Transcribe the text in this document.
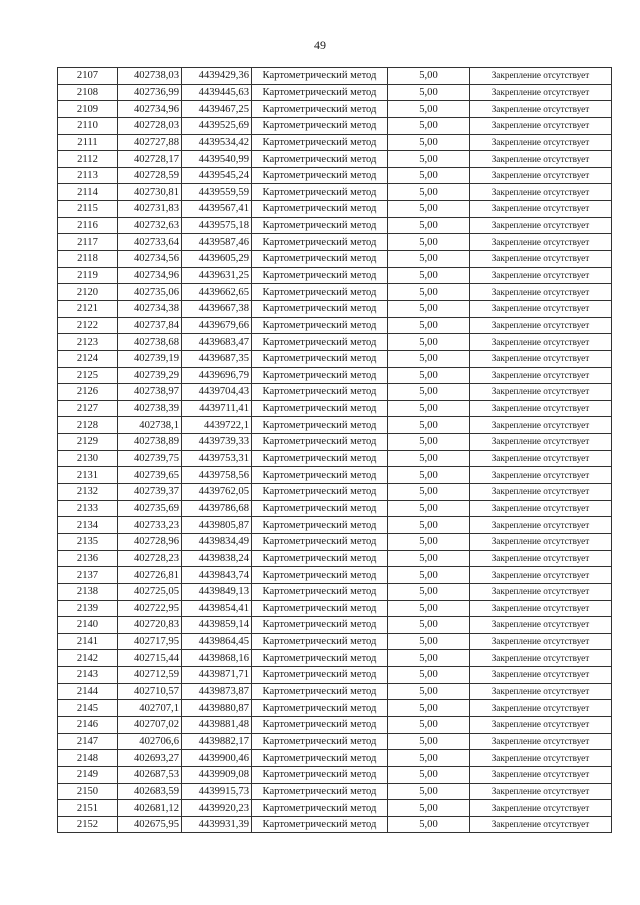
49
2107	402738,03	4439429,36	Картометрический метод	5,00	Закрепление отсутствует
2108	402736,99	4439445,63	Картометрический метод	5,00	Закрепление отсутствует
2109	402734,96	4439467,25	Картометрический метод	5,00	Закрепление отсутствует
2110	402728,03	4439525,69	Картометрический метод	5,00	Закрепление отсутствует
2111	402727,88	4439534,42	Картометрический метод	5,00	Закрепление отсутствует
2112	402728,17	4439540,99	Картометрический метод	5,00	Закрепление отсутствует
2113	402728,59	4439545,24	Картометрический метод	5,00	Закрепление отсутствует
2114	402730,81	4439559,59	Картометрический метод	5,00	Закрепление отсутствует
2115	402731,83	4439567,41	Картометрический метод	5,00	Закрепление отсутствует
2116	402732,63	4439575,18	Картометрический метод	5,00	Закрепление отсутствует
2117	402733,64	4439587,46	Картометрический метод	5,00	Закрепление отсутствует
2118	402734,56	4439605,29	Картометрический метод	5,00	Закрепление отсутствует
2119	402734,96	4439631,25	Картометрический метод	5,00	Закрепление отсутствует
2120	402735,06	4439662,65	Картометрический метод	5,00	Закрепление отсутствует
2121	402734,38	4439667,38	Картометрический метод	5,00	Закрепление отсутствует
2122	402737,84	4439679,66	Картометрический метод	5,00	Закрепление отсутствует
2123	402738,68	4439683,47	Картометрический метод	5,00	Закрепление отсутствует
2124	402739,19	4439687,35	Картометрический метод	5,00	Закрепление отсутствует
2125	402739,29	4439696,79	Картометрический метод	5,00	Закрепление отсутствует
2126	402738,97	4439704,43	Картометрический метод	5,00	Закрепление отсутствует
2127	402738,39	4439711,41	Картометрический метод	5,00	Закрепление отсутствует
2128	402738,1	4439722,1	Картометрический метод	5,00	Закрепление отсутствует
2129	402738,89	4439739,33	Картометрический метод	5,00	Закрепление отсутствует
2130	402739,75	4439753,31	Картометрический метод	5,00	Закрепление отсутствует
2131	402739,65	4439758,56	Картометрический метод	5,00	Закрепление отсутствует
2132	402739,37	4439762,05	Картометрический метод	5,00	Закрепление отсутствует
2133	402735,69	4439786,68	Картометрический метод	5,00	Закрепление отсутствует
2134	402733,23	4439805,87	Картометрический метод	5,00	Закрепление отсутствует
2135	402728,96	4439834,49	Картометрический метод	5,00	Закрепление отсутствует
2136	402728,23	4439838,24	Картометрический метод	5,00	Закрепление отсутствует
2137	402726,81	4439843,74	Картометрический метод	5,00	Закрепление отсутствует
2138	402725,05	4439849,13	Картометрический метод	5,00	Закрепление отсутствует
2139	402722,95	4439854,41	Картометрический метод	5,00	Закрепление отсутствует
2140	402720,83	4439859,14	Картометрический метод	5,00	Закрепление отсутствует
2141	402717,95	4439864,45	Картометрический метод	5,00	Закрепление отсутствует
2142	402715,44	4439868,16	Картометрический метод	5,00	Закрепление отсутствует
2143	402712,59	4439871,71	Картометрический метод	5,00	Закрепление отсутствует
2144	402710,57	4439873,87	Картометрический метод	5,00	Закрепление отсутствует
2145	402707,1	4439880,87	Картометрический метод	5,00	Закрепление отсутствует
2146	402707,02	4439881,48	Картометрический метод	5,00	Закрепление отсутствует
2147	402706,6	4439882,17	Картометрический метод	5,00	Закрепление отсутствует
2148	402693,27	4439900,46	Картометрический метод	5,00	Закрепление отсутствует
2149	402687,53	4439909,08	Картометрический метод	5,00	Закрепление отсутствует
2150	402683,59	4439915,73	Картометрический метод	5,00	Закрепление отсутствует
2151	402681,12	4439920,23	Картометрический метод	5,00	Закрепление отсутствует
2152	402675,95	4439931,39	Картометрический метод	5,00	Закрепление отсутствует
